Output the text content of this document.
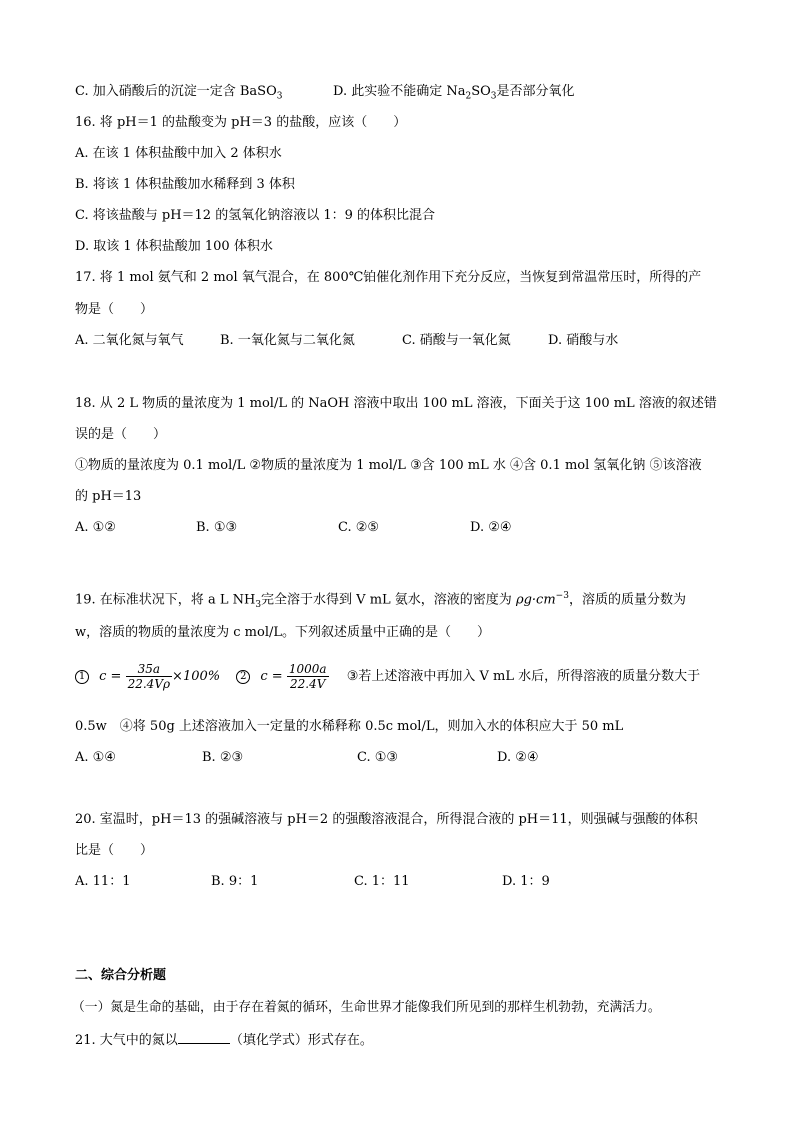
C. 加入硝酸后的沉淀一定含 BaSO$_3$	D. 此实验不能确定 $Na_2SO_3$是否部分氧化
16. 将 pH＝1 的盐酸变为 pH＝3 的盐酸，应该（　　）
A. 在该 1 体积盐酸中加入 2 体积水
B. 将该 1 体积盐酸加水稀释到 3 体积
C. 将该盐酸与 pH＝12 的氢氧化钠溶液以 1：9 的体积比混合
D. 取该 1 体积盐酸加 100 体积水
17. 将 1 mol 氨气和 2 mol 氧气混合，在 800℃铂催化剂作用下充分反应，当恢复到常温常压时，所得的产
物是（　　）
A. 二氧化氮与氧气	B. 一氧化氮与二氧化氮	C. 硝酸与一氧化氮	D. 硝酸与水
18. 从 2 L 物质的量浓度为 1 mol/L 的 NaOH 溶液中取出 100 mL 溶液，下面关于这 100 mL 溶液的叙述错
误的是（　　）
①物质的量浓度为 0.1 mol/L ②物质的量浓度为 1 mol/L ③含 100 mL 水 ④含 0.1 mol 氢氧化钠 ⑤该溶液
的 pH＝13
A. ①②	B. ①③	C. ②⑤	D. ②④
19. 在标准状况下，将 a L $NH_3$完全溶于水得到 V mL 氨水，溶液的密度为 $\rho g\cdot cm^{-3}$，溶质的质量分数为
w，溶质的物质的量浓度为 c mol/L。下列叙述质量中正确的是（　　）
1 $c = \frac{35a}{22.4V\rho} \times 100\%$ 2 $c = \frac{1000a}{22.4V}$ ③若上述溶液中再加入 V mL 水后，所得溶液的质量分数大于
0.5w　④将 50g 上述溶液加入一定量的水稀释称 0.5c mol/L，则加入水的体积应大于 50 mL
A. ①④	B. ②③	C. ①③	D. ②④
20. 室温时，pH＝13 的强碱溶液与 pH＝2 的强酸溶液混合，所得混合液的 pH＝11，则强碱与强酸的体积
比是（　　）
A. 11：1	B. 9：1	C. 1：11	D. 1：9
二、综合分析题
（一）氮是生命的基础，由于存在着氮的循环，生命世界才能像我们所见到的那样生机勃勃，充满活力。
21. 大气中的氮以	（填化学式）形式存在。
